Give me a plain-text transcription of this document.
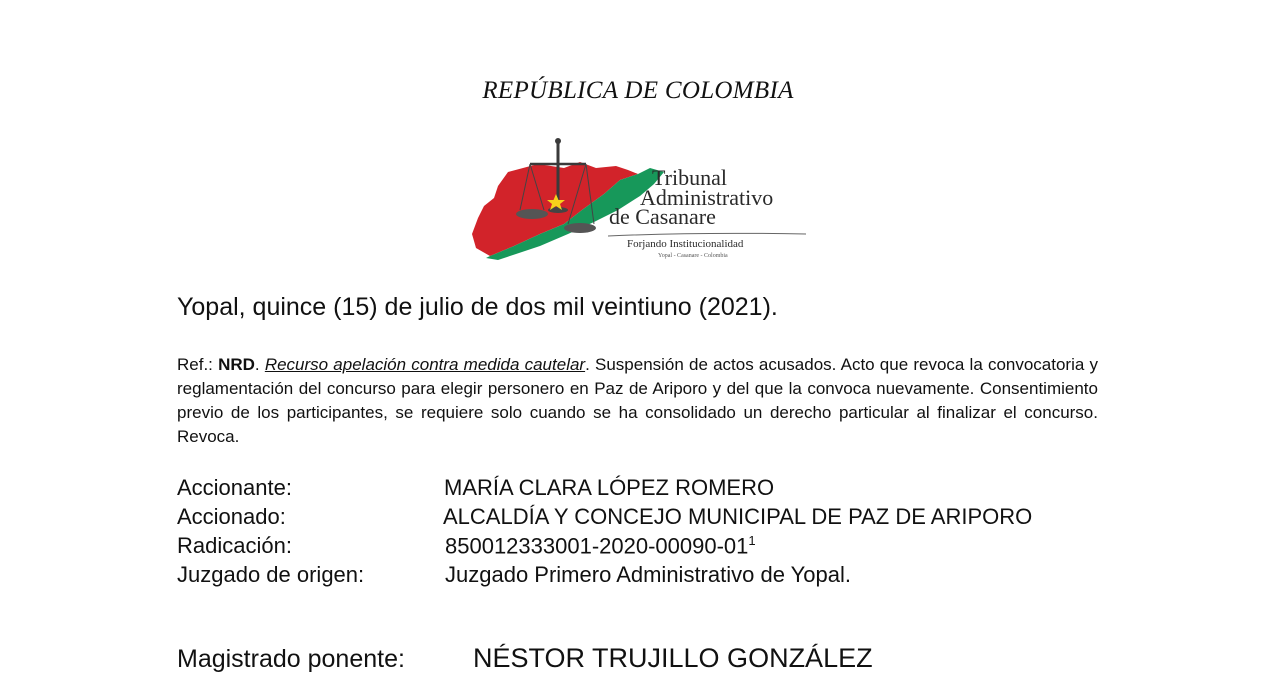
REPÚBLICA DE COLOMBIA
Tribunal
Administrativo
de Casanare
Forjando Institucionalidad
Yopal - Casanare - Colombia
Yopal, quince (15) de julio de dos mil veintiuno (2021).
Ref.: NRD. Recurso apelación contra medida cautelar. Suspensión de actos acusados. Acto que revoca la convocatoria y reglamentación del concurso para elegir personero en Paz de Ariporo y del que la convoca nuevamente. Consentimiento previo de los participantes, se requiere solo cuando se ha consolidado un derecho particular al finalizar el concurso. Revoca.
Accionante:	MARÍA CLARA LÓPEZ ROMERO
Accionado:	ALCALDÍA Y CONCEJO MUNICIPAL DE PAZ DE ARIPORO
Radicación:	$850012333001-2020-00090-01^1$
Juzgado de origen:	Juzgado Primero Administrativo de Yopal.
Magistrado ponente:	NÉSTOR TRUJILLO GONZÁLEZ
